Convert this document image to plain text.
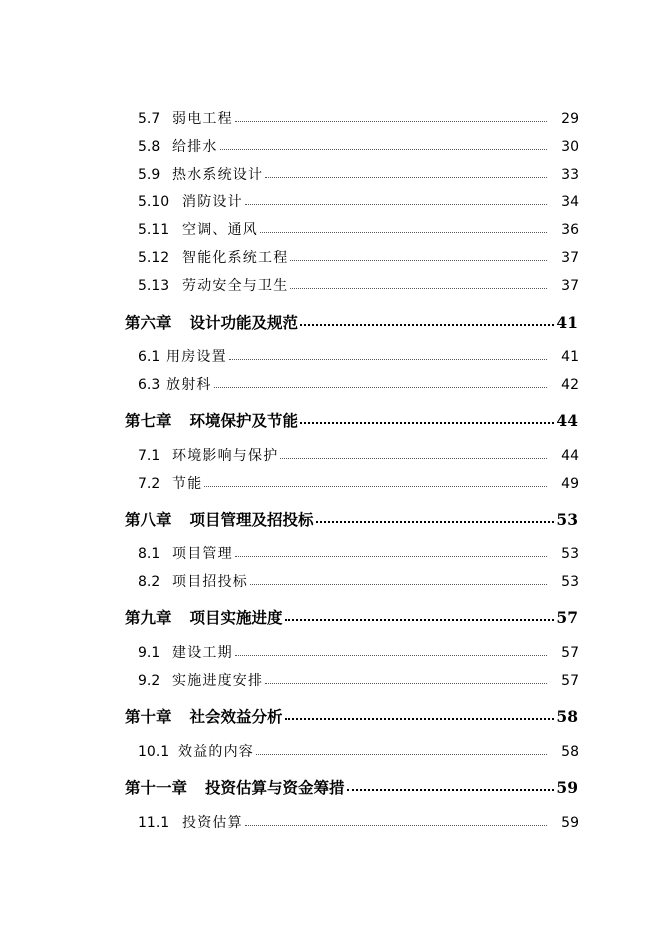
5.7 弱电工程	29
5.8 给排水	30
5.9 热水系统设计	33
5.10 消防设计	34
5.11 空调、通风	36
5.12 智能化系统工程	37
5.13 劳动安全与卫生	37
第六章 设计功能及规范	41
6.1 用房设置	41
6.3 放射科	42
第七章 环境保护及节能	44
7.1 环境影响与保护	44
7.2 节能	49
第八章 项目管理及招投标	53
8.1 项目管理	53
8.2 项目招投标	53
第九章 项目实施进度	57
9.1 建设工期	57
9.2 实施进度安排	57
第十章 社会效益分析	58
10.1 效益的内容	58
第十一章 投资估算与资金筹措	59
11.1 投资估算	59
